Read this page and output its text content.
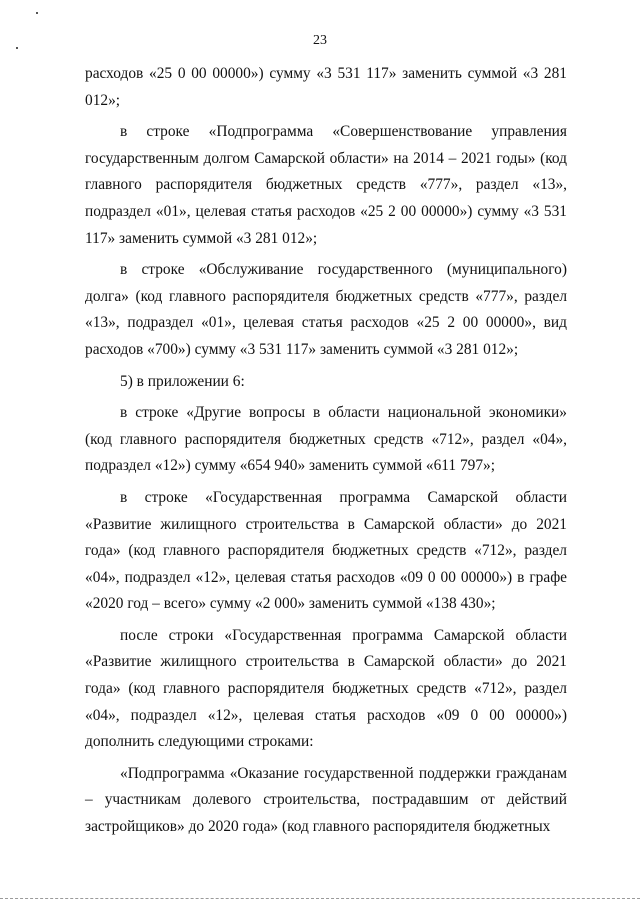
23

расходов «25 0 00 00000») сумму «3 531 117» заменить суммой «3 281 012»;

в строке «Подпрограмма «Совершенствование управления государственным долгом Самарской области» на 2014 – 2021 годы» (код главного распорядителя бюджетных средств «777», раздел «13», подраздел «01», целевая статья расходов «25 2 00 00000») сумму «3 531 117» заменить суммой «3 281 012»;

в строке «Обслуживание государственного (муниципального) долга» (код главного распорядителя бюджетных средств «777», раздел «13», подраздел «01», целевая статья расходов «25 2 00 00000», вид расходов «700») сумму «3 531 117» заменить суммой «3 281 012»;

5) в приложении 6:

в строке «Другие вопросы в области национальной экономики» (код главного распорядителя бюджетных средств «712», раздел «04», подраздел «12») сумму «654 940» заменить суммой «611 797»;

в строке «Государственная программа Самарской области «Развитие жилищного строительства в Самарской области» до 2021 года» (код главного распорядителя бюджетных средств «712», раздел «04», подраздел «12», целевая статья расходов «09 0 00 00000») в графе «2020 год – всего» сумму «2 000» заменить суммой «138 430»;

после строки «Государственная программа Самарской области «Развитие жилищного строительства в Самарской области» до 2021 года» (код главного распорядителя бюджетных средств «712», раздел «04», подраздел «12», целевая статья расходов «09 0 00 00000») дополнить следующими строками:

«Подпрограмма «Оказание государственной поддержки гражданам – участникам долевого строительства, пострадавшим от действий застройщиков» до 2020 года» (код главного распорядителя бюджетных
